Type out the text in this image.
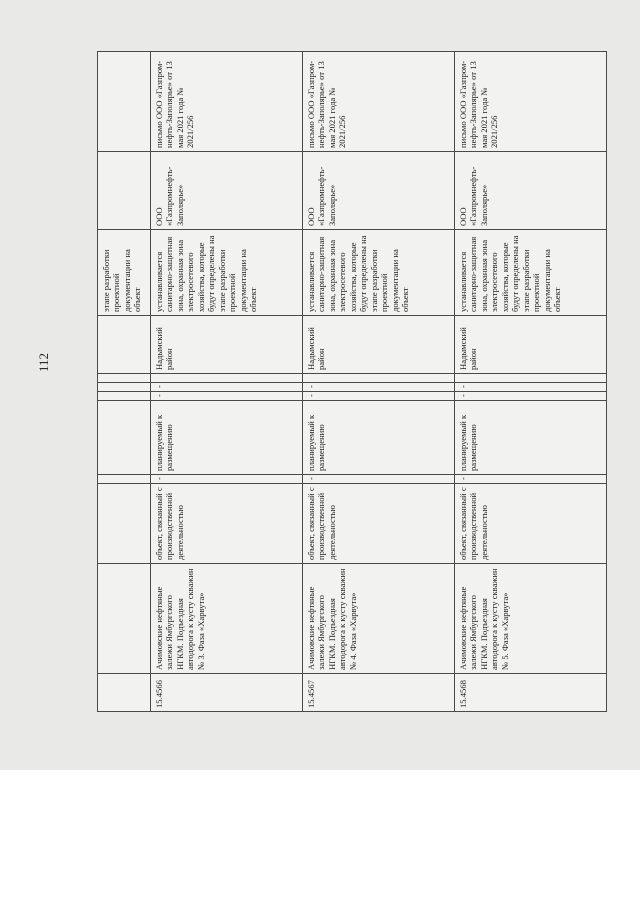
112
									этапе разработки проектной документации на объект		
15.4566	Ачимовские нефтяные залежи Ямбургского НГКМ. Подъездная автодорога к кусту скважин № 3. Фаза «Харвута»	объект, связанный с производственной деятельностью	-	планируемый к размещению	-	-		Надымский район	устанавливается санитарно-защитная зона, охранная зона электросетевого хозяйства, которые будут определены на этапе разработки проектной документации на объект	ООО «Газпромнефть-Заполярье»	письмо ООО «Газпром-нефть-Заполярье» от 13 мая 2021 года № 2021/256
15.4567	Ачимовские нефтяные залежи Ямбургского НГКМ. Подъездная автодорога к кусту скважин № 4. Фаза «Харвута»	объект, связанный с производственной деятельностью	-	планируемый к размещению	-	-		Надымский район	устанавливается санитарно-защитная зона, охранная зона электросетевого хозяйства, которые будут определены на этапе разработки проектной документации на объект	ООО «Газпромнефть-Заполярье»	письмо ООО «Газпром-нефть-Заполярье» от 13 мая 2021 года № 2021/256
15.4568	Ачимовские нефтяные залежи Ямбургского НГКМ. Подъездная автодорога к кусту скважин № 5. Фаза «Харвута»	объект, связанный с производственной деятельностью	-	планируемый к размещению	-	-		Надымский район	устанавливается санитарно-защитная зона, охранная зона электросетевого хозяйства, которые будут определены на этапе разработки проектной документации на объект	ООО «Газпромнефть-Заполярье»	письмо ООО «Газпром-нефть-Заполярье» от 13 мая 2021 года № 2021/256
